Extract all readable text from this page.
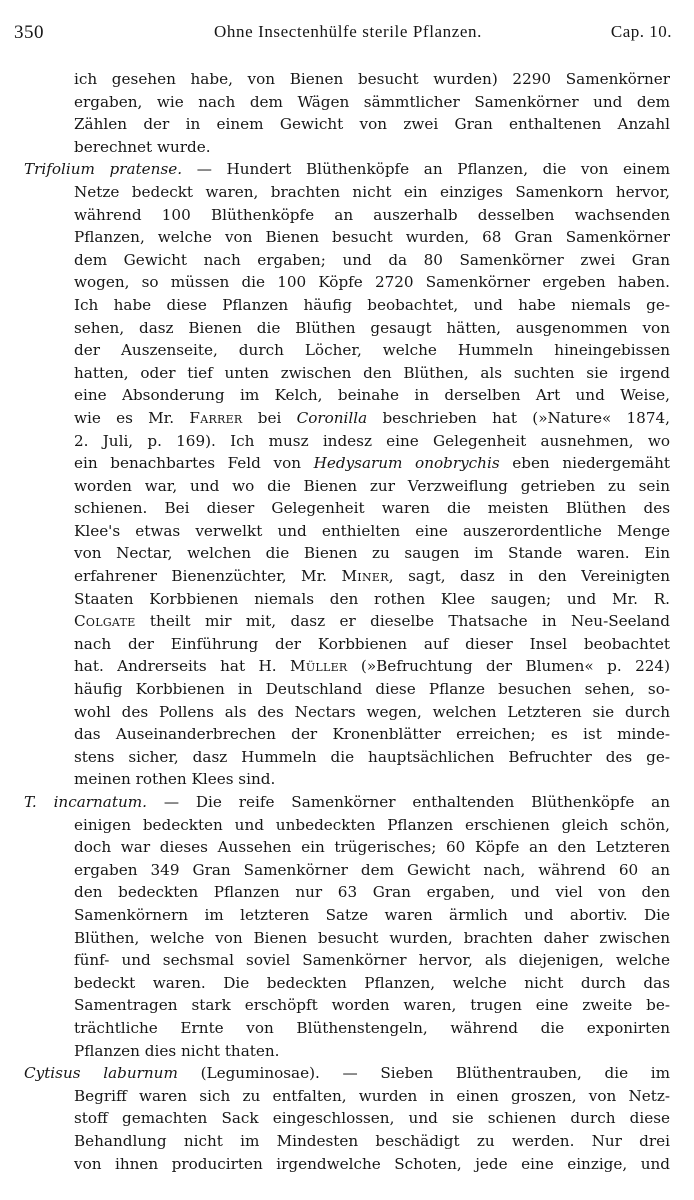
350	Ohne Insectenhülfe sterile Pflanzen.	Cap. 10.
ich gesehen habe, von Bienen besucht wurden) 2290 Samenkörner
ergaben, wie nach dem Wägen sämmtlicher Samenkörner und dem
Zählen der in einem Gewicht von zwei Gran enthaltenen Anzahl
berechnet wurde.
Trifolium pratense. — Hundert Blüthenköpfe an Pflanzen, die von einem
Netze bedeckt waren, brachten nicht ein einziges Samenkorn hervor,
während 100 Blüthenköpfe an auszerhalb desselben wachsenden
Pflanzen, welche von Bienen besucht wurden, 68 Gran Samenkörner
dem Gewicht nach ergaben; und da 80 Samenkörner zwei Gran
wogen, so müssen die 100 Köpfe 2720 Samenkörner ergeben haben.
Ich habe diese Pflanzen häufig beobachtet, und habe niemals ge-
sehen, dasz Bienen die Blüthen gesaugt hätten, ausgenommen von
der Auszenseite, durch Löcher, welche Hummeln hineingebissen
hatten, oder tief unten zwischen den Blüthen, als suchten sie irgend
eine Absonderung im Kelch, beinahe in derselben Art und Weise,
wie es Mr. Farrer bei Coronilla beschrieben hat (»Nature« 1874,
2. Juli, p. 169). Ich musz indesz eine Gelegenheit ausnehmen, wo
ein benachbartes Feld von Hedysarum onobrychis eben niedergemäht
worden war, und wo die Bienen zur Verzweiflung getrieben zu sein
schienen. Bei dieser Gelegenheit waren die meisten Blüthen des
Klee's etwas verwelkt und enthielten eine auszerordentliche Menge
von Nectar, welchen die Bienen zu saugen im Stande waren. Ein
erfahrener Bienenzüchter, Mr. Miner, sagt, dasz in den Vereinigten
Staaten Korbbienen niemals den rothen Klee saugen; und Mr. R.
Colgate theilt mir mit, dasz er dieselbe Thatsache in Neu-Seeland
nach der Einführung der Korbbienen auf dieser Insel beobachtet
hat. Andrerseits hat H. Müller (»Befruchtung der Blumen« p. 224)
häufig Korbbienen in Deutschland diese Pflanze besuchen sehen, so-
wohl des Pollens als des Nectars wegen, welchen Letzteren sie durch
das Auseinanderbrechen der Kronenblätter erreichen; es ist minde-
stens sicher, dasz Hummeln die hauptsächlichen Befruchter des ge-
meinen rothen Klees sind.
T. incarnatum. — Die reife Samenkörner enthaltenden Blüthenköpfe an
einigen bedeckten und unbedeckten Pflanzen erschienen gleich schön,
doch war dieses Aussehen ein trügerisches; 60 Köpfe an den Letzteren
ergaben 349 Gran Samenkörner dem Gewicht nach, während 60 an
den bedeckten Pflanzen nur 63 Gran ergaben, und viel von den
Samenkörnern im letzteren Satze waren ärmlich und abortiv. Die
Blüthen, welche von Bienen besucht wurden, brachten daher zwischen
fünf- und sechsmal soviel Samenkörner hervor, als diejenigen, welche
bedeckt waren. Die bedeckten Pflanzen, welche nicht durch das
Samentragen stark erschöpft worden waren, trugen eine zweite be-
trächtliche Ernte von Blüthenstengeln, während die exponirten
Pflanzen dies nicht thaten.
Cytisus laburnum (Leguminosae). — Sieben Blüthentrauben, die im
Begriff waren sich zu entfalten, wurden in einen groszen, von Netz-
stoff gemachten Sack eingeschlossen, und sie schienen durch diese
Behandlung nicht im Mindesten beschädigt zu werden. Nur drei
von ihnen producirten irgendwelche Schoten, jede eine einzige, und
